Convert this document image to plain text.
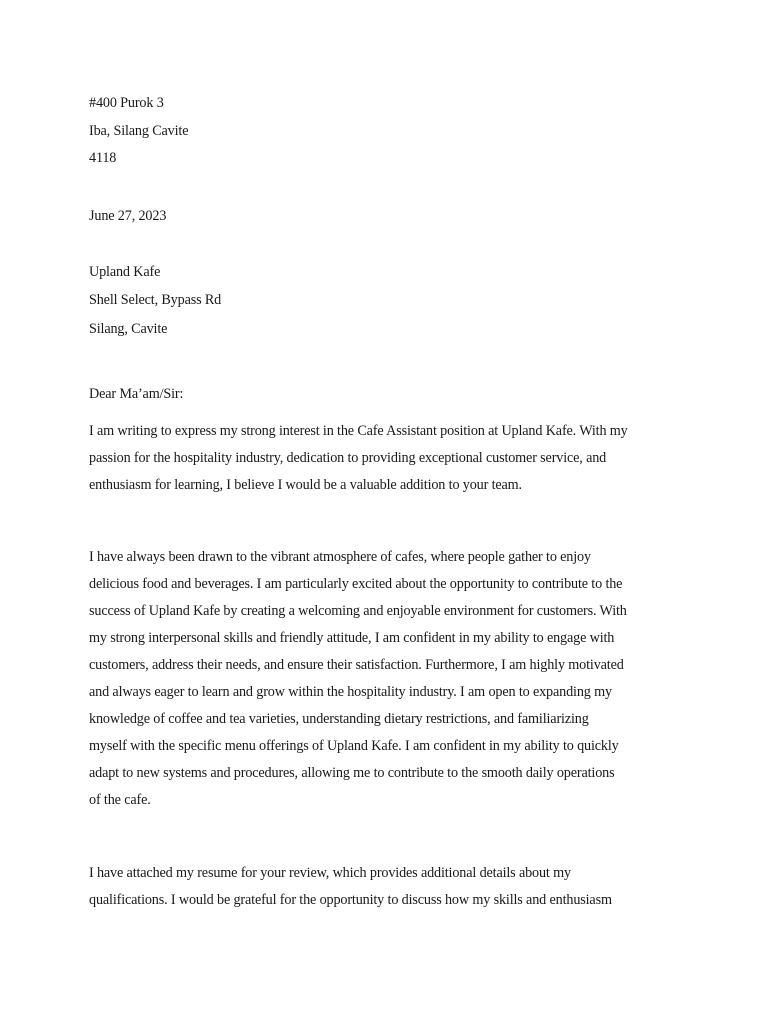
#400 Purok 3
Iba, Silang Cavite
4118
June 27, 2023
Upland Kafe
Shell Select, Bypass Rd
Silang, Cavite
Dear Ma’am/Sir:
I am writing to express my strong interest in the Cafe Assistant position at Upland Kafe. With my
passion for the hospitality industry, dedication to providing exceptional customer service, and
enthusiasm for learning, I believe I would be a valuable addition to your team.
I have always been drawn to the vibrant atmosphere of cafes, where people gather to enjoy
delicious food and beverages. I am particularly excited about the opportunity to contribute to the
success of Upland Kafe by creating a welcoming and enjoyable environment for customers. With
my strong interpersonal skills and friendly attitude, I am confident in my ability to engage with
customers, address their needs, and ensure their satisfaction. Furthermore, I am highly motivated
and always eager to learn and grow within the hospitality industry. I am open to expanding my
knowledge of coffee and tea varieties, understanding dietary restrictions, and familiarizing
myself with the specific menu offerings of Upland Kafe. I am confident in my ability to quickly
adapt to new systems and procedures, allowing me to contribute to the smooth daily operations
of the cafe.
I have attached my resume for your review, which provides additional details about my
qualifications. I would be grateful for the opportunity to discuss how my skills and enthusiasm
